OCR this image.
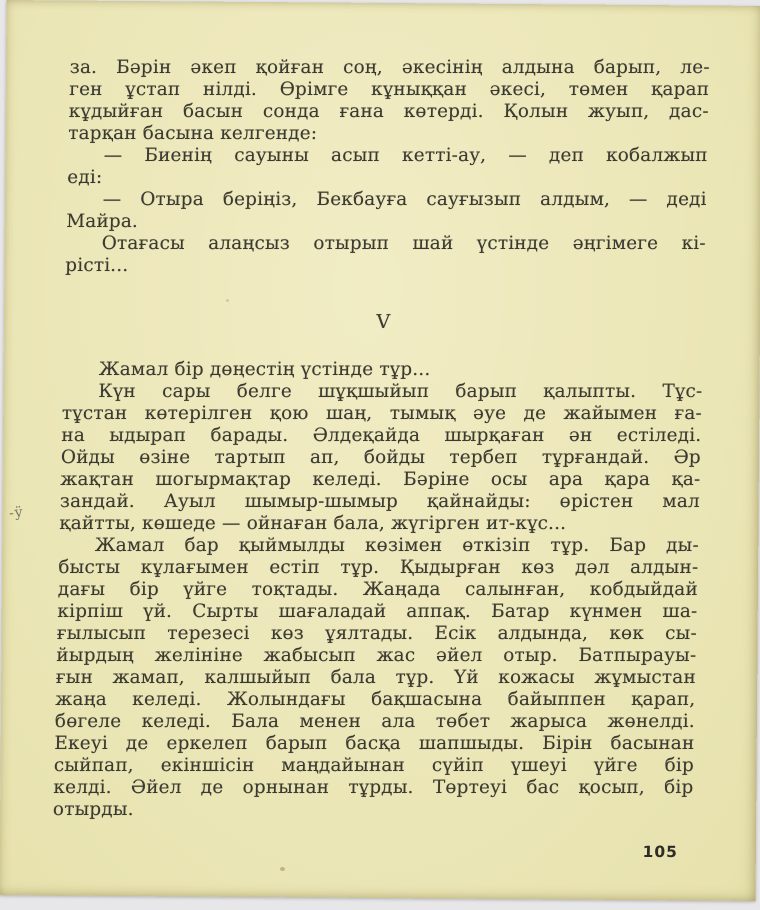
за. Бәрін әкеп қойған соң, әкесінің алдына барып, ле-
ген ұстап нілді. Өрімге кұныққан әкесі, төмен қарап
кұдыйған басын сонда ғана көтерді. Қолын жуып, дас-
тарқан басына келгенде:
— Биенің сауыны асып кетті-ау, — деп кобалжып
еді:
— Отыра беріңіз, Бекбауға сауғызып алдым, — деді
Майра.
Отағасы алаңсыз отырып шай үстінде әңгімеге кі-
рісті...
V
Жамал бір дөңестің үстінде тұр...
Күн сары белге шұқшыйып барып қалыпты. Тұс-
тұстан көтерілген қою шаң, тымық әуе де жайымен ға-
на ыдырап барады. Әлдеқайда шырқаған ән естіледі.
Ойды өзіне тартып ап, бойды тербеп тұрғандай. Әр
жақтан шогырмақтар келеді. Бәріне осы ара қара қа-
зандай. Ауыл шымыр-шымыр қайнайды: өрістен мал
қайтты, көшеде — ойнаған бала, жүгірген ит-кұс...
Жамал бар қыймылды көзімен өткізіп тұр. Бар ды-
бысты кұлағымен естіп тұр. Қыдырған көз дәл алдын-
дағы бір үйге тоқтады. Жаңада салынған, кобдыйдай
кірпіш үй. Сырты шағаладай аппақ. Батар күнмен ша-
ғылысып терезесі көз ұялтады. Есік алдында, көк сы-
йырдың желініне жабысып жас әйел отыр. Батпырауы-
ғын жамап, калшыйып бала тұр. Үй кожасы жұмыстан
жаңа келеді. Жолындағы бақшасына байыппен қарап,
бөгеле келеді. Бала менен ала төбет жарыса жөнелді.
Екеуі де еркелеп барып басқа шапшыды. Бірін басынан
сыйпап, екіншісін маңдайынан сүйіп үшеуі үйге бір
келді. Әйел де орнынан тұрды. Төртеуі бас қосып, бір
отырды.
105
-ÿ
